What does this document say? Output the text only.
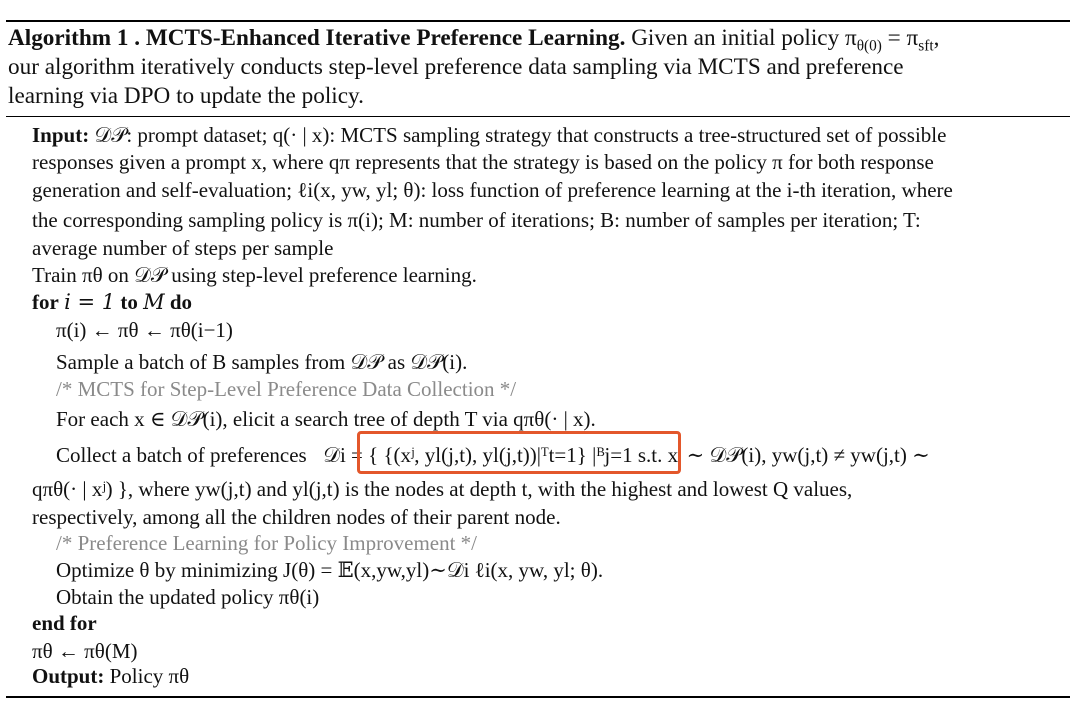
Algorithm 1 . MCTS-Enhanced Iterative Preference Learning. Given an initial policy $\pi_{\theta(0)} = \pi_{sft}$,
our algorithm iteratively conducts step-level preference data sampling via MCTS and preference
learning via DPO to update the policy.
Input: 𝒟𝒫: prompt dataset; q(· | x): MCTS sampling strategy that constructs a tree-structured set of possible
responses given a prompt x, where qπ represents that the strategy is based on the policy π for both response
generation and self-evaluation; ℓi(x, yw, yl; θ): loss function of preference learning at the i-th iteration, where
the corresponding sampling policy is π(i); M: number of iterations; B: number of samples per iteration; T:
average number of steps per sample
Train πθ on 𝒟𝒫 using step-level preference learning.
for i = 1 to M do
π(i) ← πθ ← πθ(i−1)
Sample a batch of B samples from 𝒟𝒫 as 𝒟𝒫(i).
/* MCTS for Step-Level Preference Data Collection */
For each x ∈ 𝒟𝒫(i), elicit a search tree of depth T via qπθ(· | x).
Collect a batch of preferences 𝒟i = { {(xʲ, yl(j,t), yl(j,t))|ᵀt=1} |ᴮj=1 s.t. xʲ ∼ 𝒟𝒫(i), yw(j,t) ≠ yw(j,t) ∼
qπθ(· | xʲ) }, where yw(j,t) and yl(j,t) is the nodes at depth t, with the highest and lowest Q values,
respectively, among all the children nodes of their parent node.
/* Preference Learning for Policy Improvement */
Optimize θ by minimizing J(θ) = 𝔼(x,yw,yl)∼𝒟i ℓi(x, yw, yl; θ).
Obtain the updated policy πθ(i)
end for
πθ ← πθ(M)
Output: Policy πθ
